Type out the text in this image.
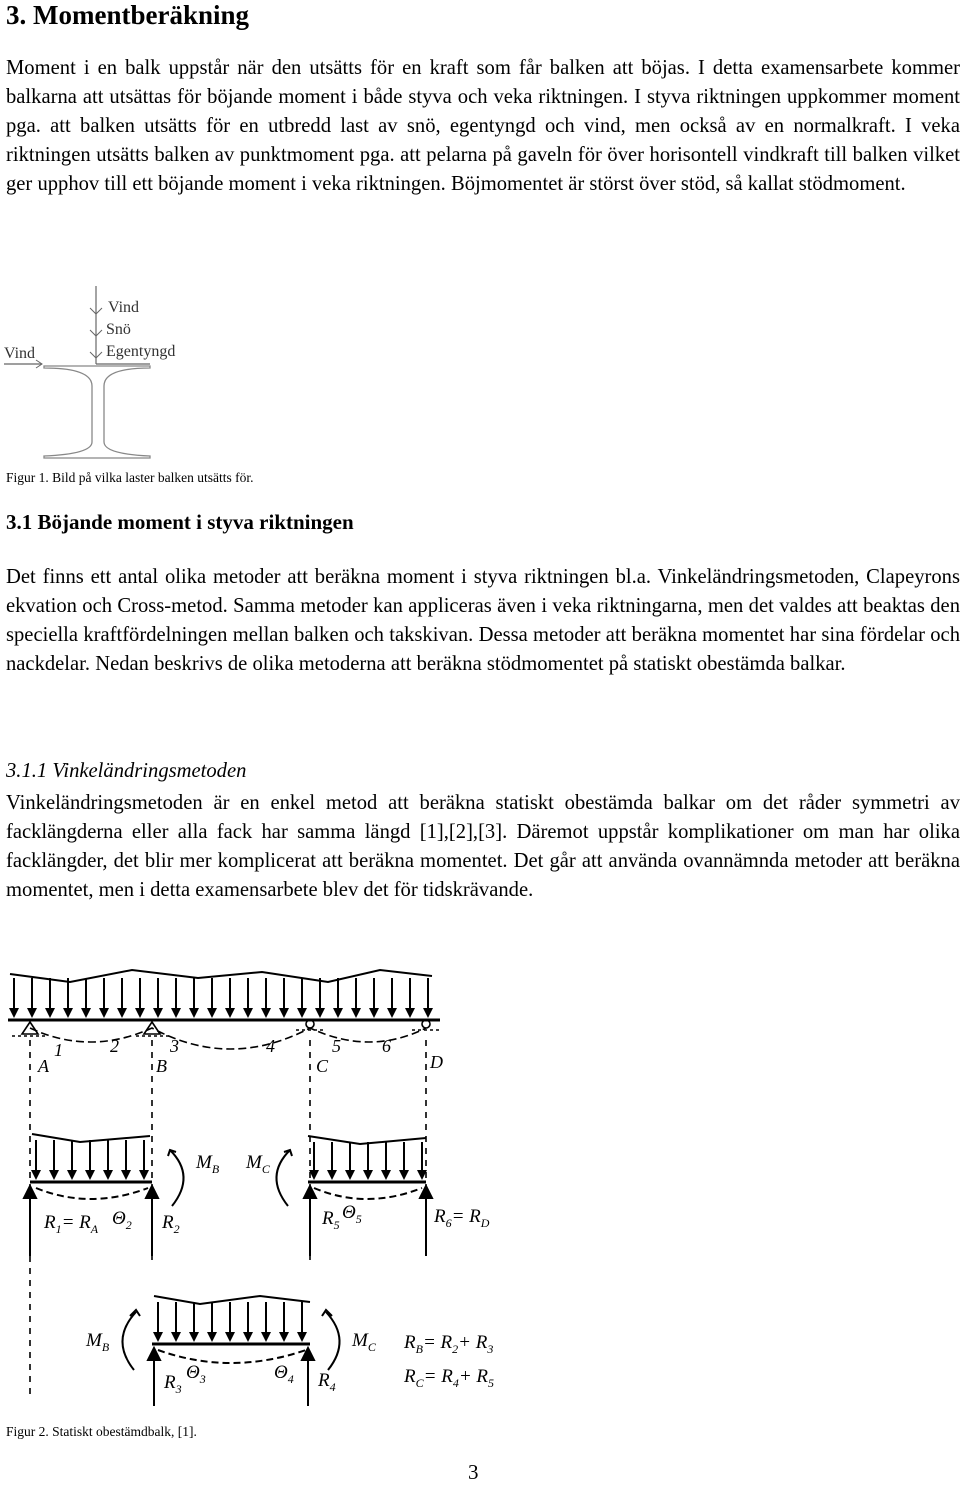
3. Momentberäkning

Moment i en balk uppstår när den utsätts för en kraft som får balken att böjas. I detta examensarbete kommer balkarna att utsättas för böjande moment i både styva och veka riktningen. I styva riktningen uppkommer moment pga. att balken utsätts för en utbredd last av snö, egentyngd och vind, men också av en normalkraft. I veka riktningen utsätts balken av punktmoment pga. att pelarna på gaveln för över horisontell vindkraft till balken vilket ger upphov till ett böjande moment i veka riktningen. Böjmomentet är störst över stöd, så kallat stödmoment.

Vind
Vind
Snö
Egentyngd

Figur 1. Bild på vilka laster balken utsätts för.

3.1 Böjande moment i styva riktningen

Det finns ett antal olika metoder att beräkna moment i styva riktningen bl.a. Vinkeländringsmetoden, Clapeyrons ekvation och Cross-metod. Samma metoder kan appliceras även i veka riktningarna, men det valdes att beaktas den speciella kraftfördelningen mellan balken och takskivan. Dessa metoder att beräkna momentet har sina fördelar och nackdelar. Nedan beskrivs de olika metoderna att beräkna stödmomentet på statiskt obestämda balkar.

3.1.1 Vinkeländringsmetoden

Vinkeländringsmetoden är en enkel metod att beräkna statiskt obestämda balkar om det råder symmetri av facklängderna eller alla fack har samma längd [1],[2],[3]. Däremot uppstår komplikationer om man har olika facklängder, det blir mer komplicerat att beräkna momentet. Det går att använda ovannämnda metoder att beräkna momentet, men i detta examensarbete blev det för tidskrävande.

1	2	3	4	5 6
A	B	C	D
$M_B$ $M_C$
$\Theta_2$
$\Theta_5$
$R_1= R_A$	$R_2$	$R_5$	$R_6= R_D$
$M_B$	$M_C$
$\Theta_3$	$\Theta_4$
$R_3$	$R_4$
$R_B= R_2+ R_3$
$R_C= R_4+ R_5$

Figur 2. Statiskt obestämdbalk, [1].

3
